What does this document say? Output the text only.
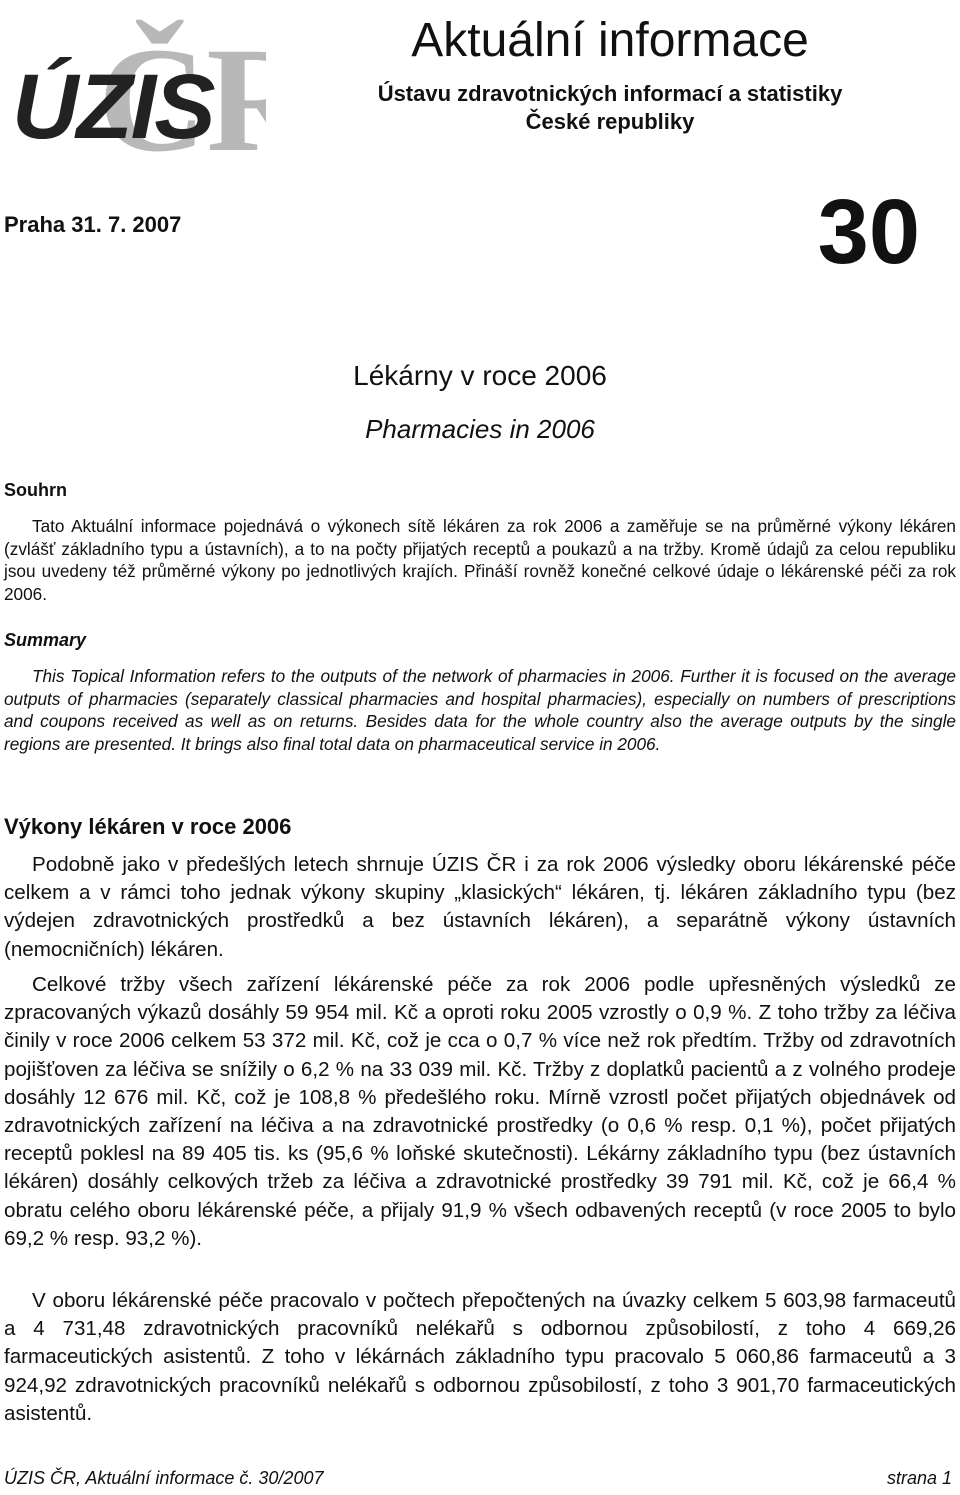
ČR
ÚZIS
Aktuální informace
Ústavu zdravotnických informací a statistiky
České republiky
Praha 31. 7. 2007	30
Lékárny v roce 2006
Pharmacies in 2006
Souhrn

Tato Aktuální informace pojednává o výkonech sítě lékáren za rok 2006 a zaměřuje se na průměrné výkony lékáren (zvlášť základního typu a ústavních), a to na počty přijatých receptů a poukazů a na tržby. Kromě údajů za celou republiku jsou uvedeny též průměrné výkony po jednotlivých krajích. Přináší rovněž konečné celkové údaje o lékárenské péči za rok 2006.

Summary

This Topical Information refers to the outputs of the network of pharmacies in 2006. Further it is focused on the average outputs of pharmacies (separately classical pharmacies and hospital pharmacies), especially on numbers of prescriptions and coupons received as well as on returns. Besides data for the whole country also the average outputs by the single regions are presented. It brings also final total data on pharmaceutical service in 2006.

Výkony lékáren v roce 2006

Podobně jako v předešlých letech shrnuje ÚZIS ČR i za rok 2006 výsledky oboru lékárenské péče celkem a v rámci toho jednak výkony skupiny „klasických“ lékáren, tj. lékáren základního typu (bez výdejen zdravotnických prostředků a bez ústavních lékáren), a separátně výkony ústavních (nemocničních) lékáren.

Celkové tržby všech zařízení lékárenské péče za rok 2006 podle upřesněných výsledků ze zpracovaných výkazů dosáhly 59 954 mil. Kč a oproti roku 2005 vzrostly o 0,9 %. Z toho tržby za léčiva činily v roce 2006 celkem 53 372 mil. Kč, což je cca o 0,7 % více než rok předtím. Tržby od zdravotních pojišťoven za léčiva se snížily o 6,2 % na 33 039 mil. Kč. Tržby z doplatků pacientů a z volného prodeje dosáhly 12 676 mil. Kč, což je 108,8 % předešlého roku. Mírně vzrostl počet přijatých objednávek od zdravotnických zařízení na léčiva a na zdravotnické prostředky (o 0,6 % resp. 0,1 %), počet přijatých receptů poklesl na 89 405 tis. ks (95,6 % loňské skutečnosti). Lékárny základního typu (bez ústavních lékáren) dosáhly celkových tržeb za léčiva a zdravotnické prostředky 39 791 mil. Kč, což je 66,4 % obratu celého oboru lékárenské péče, a přijaly 91,9 % všech odbavených receptů (v roce 2005 to bylo 69,2 % resp. 93,2 %).

V oboru lékárenské péče pracovalo v počtech přepočtených na úvazky celkem 5 603,98 farmaceutů a 4 731,48 zdravotnických pracovníků nelékařů s odbornou způsobilostí, z toho 4 669,26 farmaceutických asistentů. Z toho v lékárnách základního typu pracovalo 5 060,86 farmaceutů a 3 924,92 zdravotnických pracovníků nelékařů s odbornou způsobilostí, z toho 3 901,70 farmaceutických asistentů.

ÚZIS ČR, Aktuální informace č. 30/2007	strana 1
